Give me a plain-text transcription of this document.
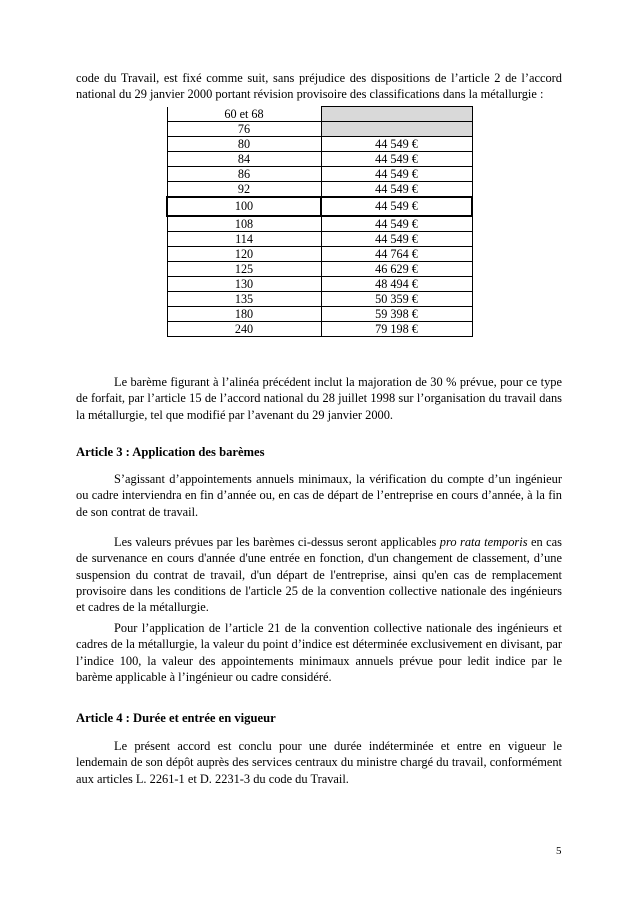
code du Travail, est fixé comme suit, sans préjudice des dispositions de l’article 2 de l’accord national du 29 janvier 2000 portant révision provisoire des classifications dans la métallurgie :

60 et 68	
76	
80	44 549 €
84	44 549 €
86	44 549 €
92	44 549 €
100	44 549 €
108	44 549 €
114	44 549 €
120	44 764 €
125	46 629 €
130	48 494 €
135	50 359 €
180	59 398 €
240	79 198 €

Le barème figurant à l’alinéa précédent inclut la majoration de 30 % prévue, pour ce type de forfait, par l’article 15 de l’accord national du 28 juillet 1998 sur l’organisation du travail dans la métallurgie, tel que modifié par l’avenant du 29 janvier 2000.

Article 3 : Application des barèmes

S’agissant d’appointements annuels minimaux, la vérification du compte d’un ingénieur ou cadre interviendra en fin d’année ou, en cas de départ de l’entreprise en cours d’année, à la fin de son contrat de travail.

Les valeurs prévues par les barèmes ci-dessus seront applicables pro rata temporis en cas de survenance en cours d'année d'une entrée en fonction, d'un changement de classement, d’une suspension du contrat de travail, d'un départ de l'entreprise, ainsi qu'en cas de remplacement provisoire dans les conditions de l'article 25 de la convention collective nationale des ingénieurs et cadres de la métallurgie.

Pour l’application de l’article 21 de la convention collective nationale des ingénieurs et cadres de la métallurgie, la valeur du point d’indice est déterminée exclusivement en divisant, par l’indice 100, la valeur des appointements minimaux annuels prévue pour ledit indice par le barème applicable à l’ingénieur ou cadre considéré.

Article 4 : Durée et entrée en vigueur

Le présent accord est conclu pour une durée indéterminée et entre en vigueur le lendemain de son dépôt auprès des services centraux du ministre chargé du travail, conformément aux articles L. 2261-1 et D. 2231-3 du code du Travail.

5
